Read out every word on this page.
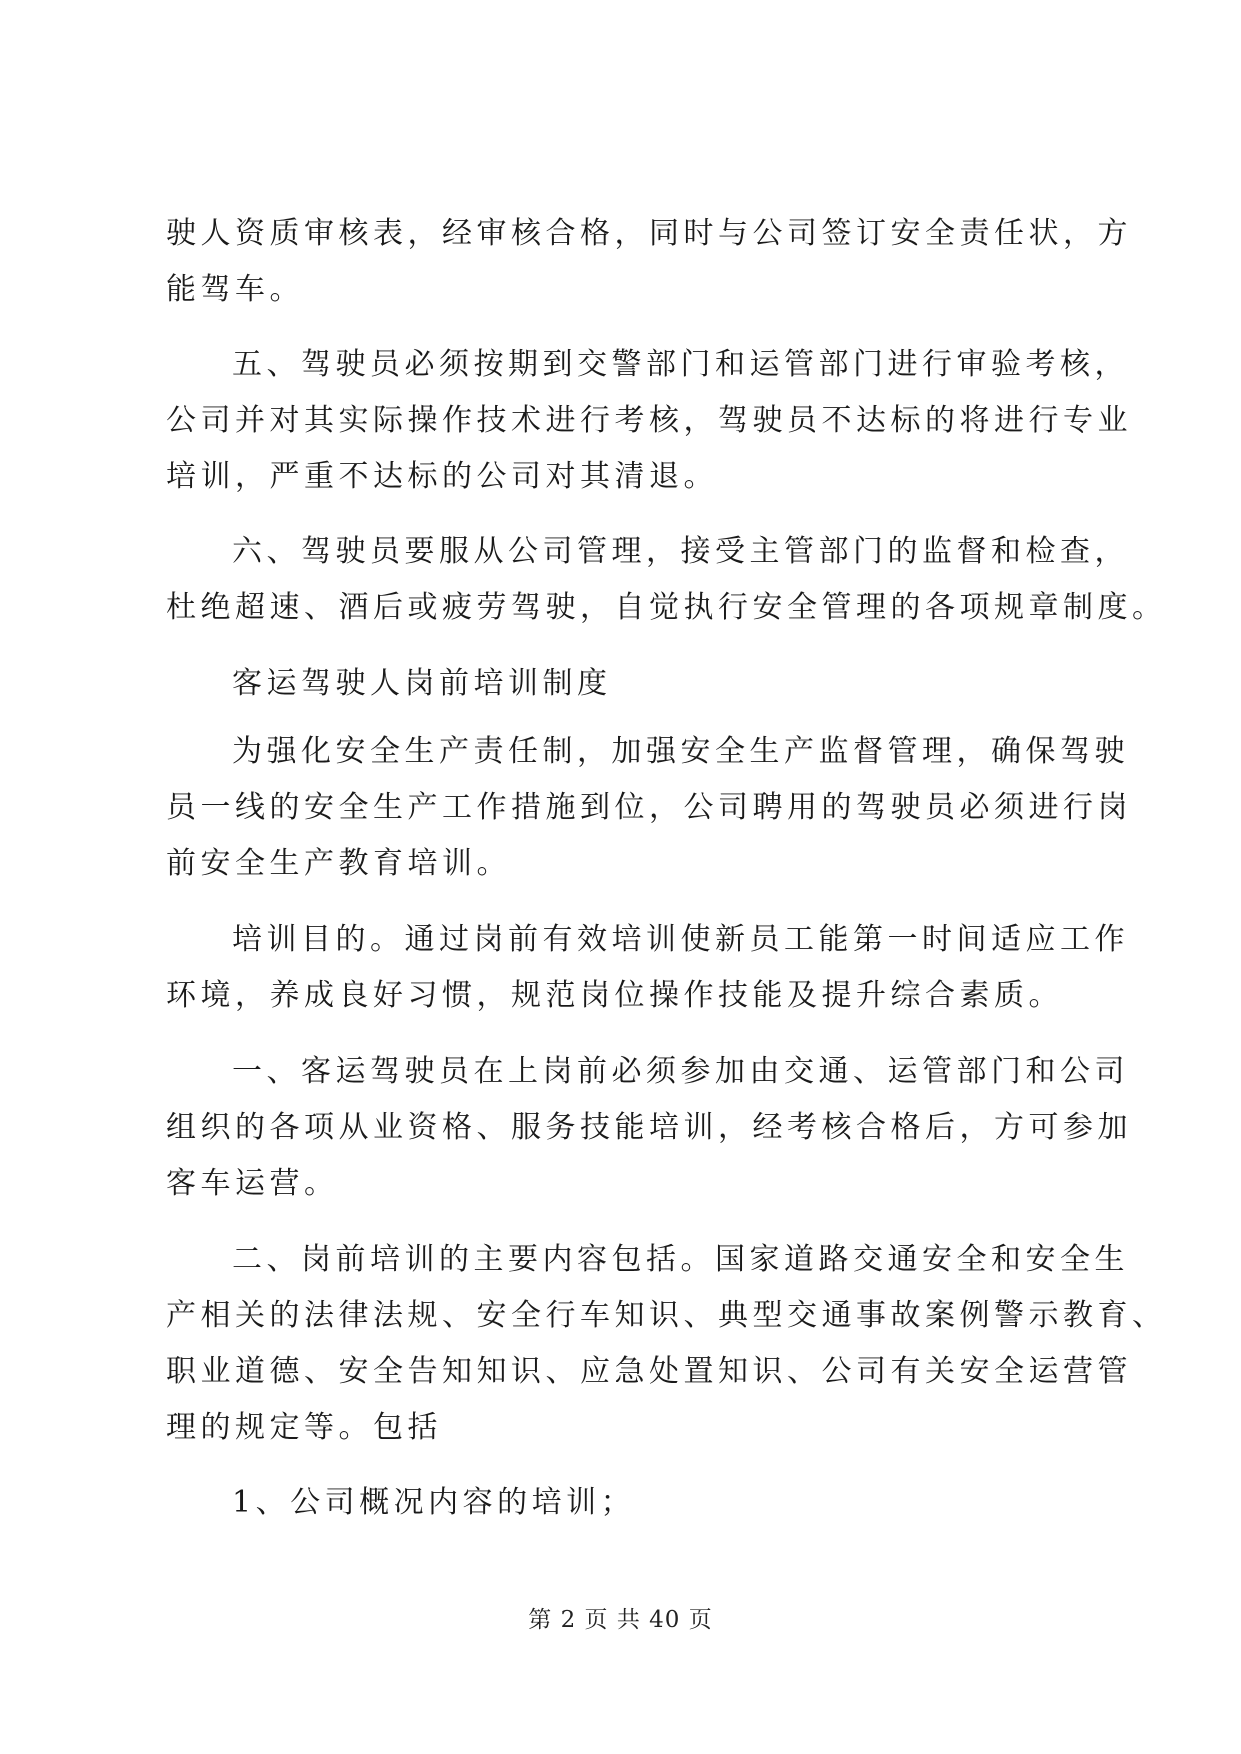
驶人资质审核表，经审核合格，同时与公司签订安全责任状，方
能驾车。
五、驾驶员必须按期到交警部门和运管部门进行审验考核，
公司并对其实际操作技术进行考核，驾驶员不达标的将进行专业
培训，严重不达标的公司对其清退。
六、驾驶员要服从公司管理，接受主管部门的监督和检查，
杜绝超速、酒后或疲劳驾驶，自觉执行安全管理的各项规章制度。
客运驾驶人岗前培训制度
为强化安全生产责任制，加强安全生产监督管理，确保驾驶
员一线的安全生产工作措施到位，公司聘用的驾驶员必须进行岗
前安全生产教育培训。
培训目的。通过岗前有效培训使新员工能第一时间适应工作
环境，养成良好习惯，规范岗位操作技能及提升综合素质。
一、客运驾驶员在上岗前必须参加由交通、运管部门和公司
组织的各项从业资格、服务技能培训，经考核合格后，方可参加
客车运营。
二、岗前培训的主要内容包括。国家道路交通安全和安全生
产相关的法律法规、安全行车知识、典型交通事故案例警示教育、
职业道德、安全告知知识、应急处置知识、公司有关安全运营管
理的规定等。包括
1、公司概况内容的培训；
第 2 页 共 40 页
